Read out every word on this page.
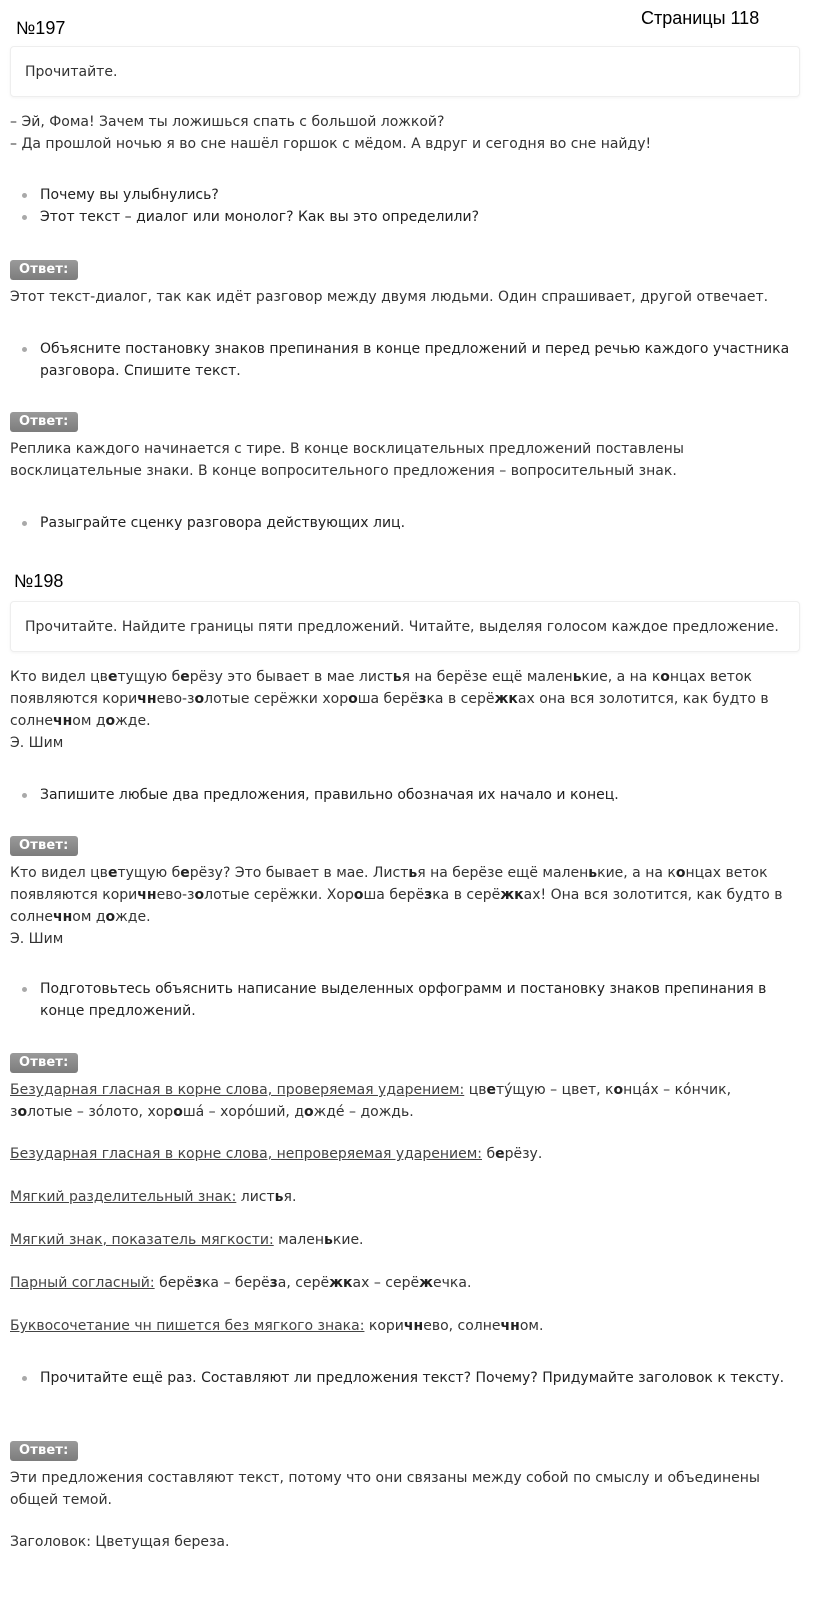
№197	Страницы 118
Прочитайте.
– Эй, Фома! Зачем ты ложишься спать с большой ложкой?
– Да прошлой ночью я во сне нашёл горшок с мёдом. А вдруг и сегодня во сне найду!
Почему вы улыбнулись?
Этот текст – диалог или монолог? Как вы это определили?
Ответ:
Этот текст-диалог, так как идёт разговор между двумя людьми. Один спрашивает, другой отвечает.
Объясните постановку знаков препинания в конце предложений и перед речью каждого участника разговора. Спишите текст.
Ответ:
Реплика каждого начинается с тире. В конце восклицательных предложений поставлены восклицательные знаки. В конце вопросительного предложения – вопросительный знак.
Разыграйте сценку разговора действующих лиц.
№198
Прочитайте. Найдите границы пяти предложений. Читайте, выделяя голосом каждое предложение.
Кто видел цветущую берёзу это бывает в мае листья на берёзе ещё маленькие, а на концах веток появляются коричнево-золотые серёжки хороша берёзка в серёжках она вся золотится, как будто в солнечном дожде.
Э. Шим
Запишите любые два предложения, правильно обозначая их начало и конец.
Ответ:
Кто видел цветущую берёзу? Это бывает в мае. Листья на берёзе ещё маленькие, а на концах веток появляются коричнево-золотые серёжки. Хороша берёзка в серёжках! Она вся золотится, как будто в солнечном дожде.
Э. Шим
Подготовьтесь объяснить написание выделенных орфограмм и постановку знаков препинания в конце предложений.
Ответ:
Безударная гласная в корне слова, проверяемая ударением: цветýщую – цвет, концáх – кóнчик,
золотые – зóлото, хорошá – хорóший, дождé – дождь.
Безударная гласная в корне слова, непроверяемая ударением: берёзу.
Мягкий разделительный знак: листья.
Мягкий знак, показатель мягкости: маленькие.
Парный согласный: берёзка – берёза, серёжках – серёжечка.
Буквосочетание чн пишется без мягкого знака: коричнево, солнечном.
Прочитайте ещё раз. Составляют ли предложения текст? Почему? Придумайте заголовок к тексту.
Ответ:
Эти предложения составляют текст, потому что они связаны между собой по смыслу и объединены общей темой.
Заголовок: Цветущая береза.
